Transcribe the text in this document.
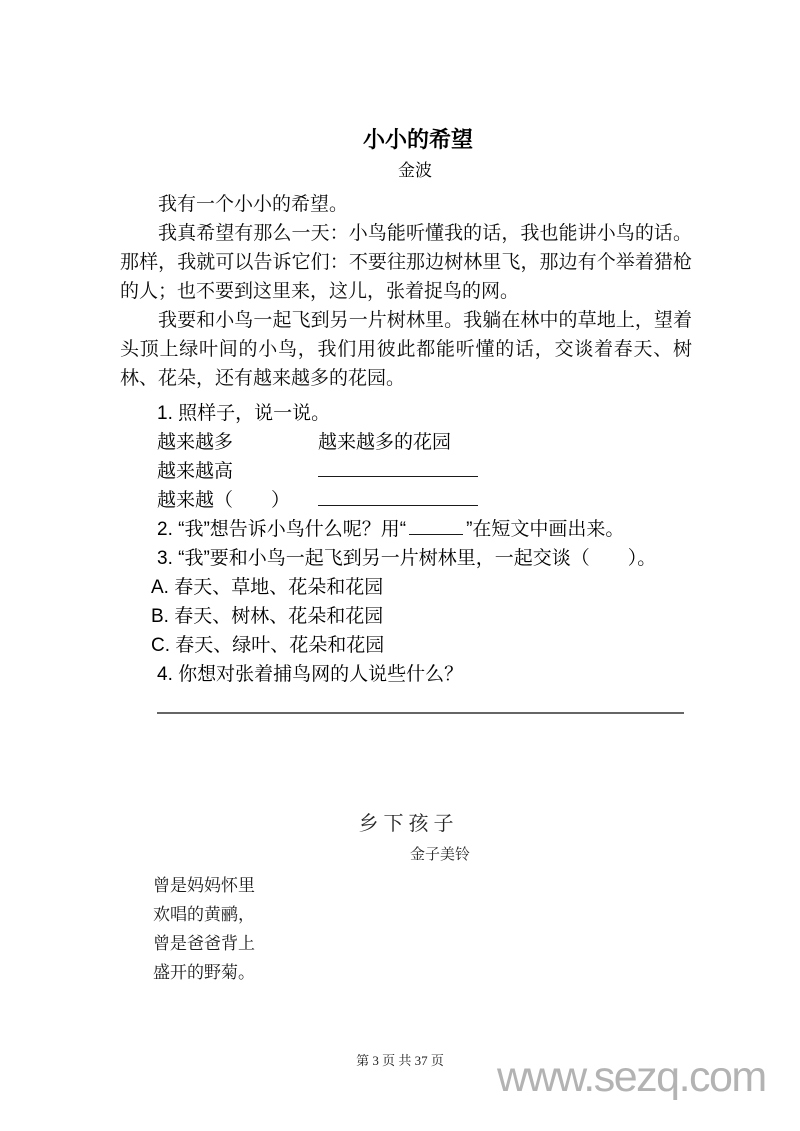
小小的希望
金波

我有一个小小的希望。

我真希望有那么一天：小鸟能听懂我的话，我也能讲小鸟的话。那样，我就可以告诉它们：不要往那边树林里飞，那边有个举着猎枪的人；也不要到这里来，这儿，张着捉鸟的网。

我要和小鸟一起飞到另一片树林里。我躺在林中的草地上，望着头顶上绿叶间的小鸟，我们用彼此都能听懂的话，交谈着春天、树林、花朵，还有越来越多的花园。

1. 照样子，说一说。
越来越多	越来越多的花园
越来越高
越来越（　　）
2. “我”想告诉小鸟什么呢？用“	”在短文中画出来。
3. “我”要和小鸟一起飞到另一片树林里，一起交谈（　　）。
A. 春天、草地、花朵和花园
B. 春天、树林、花朵和花园
C. 春天、绿叶、花朵和花园
4. 你想对张着捕鸟网的人说些什么？
乡 下 孩 子
金子美铃
曾是妈妈怀里
欢唱的黄鹂，
曾是爸爸背上
盛开的野菊。
第 3 页 共 37 页	www.sezq.com
